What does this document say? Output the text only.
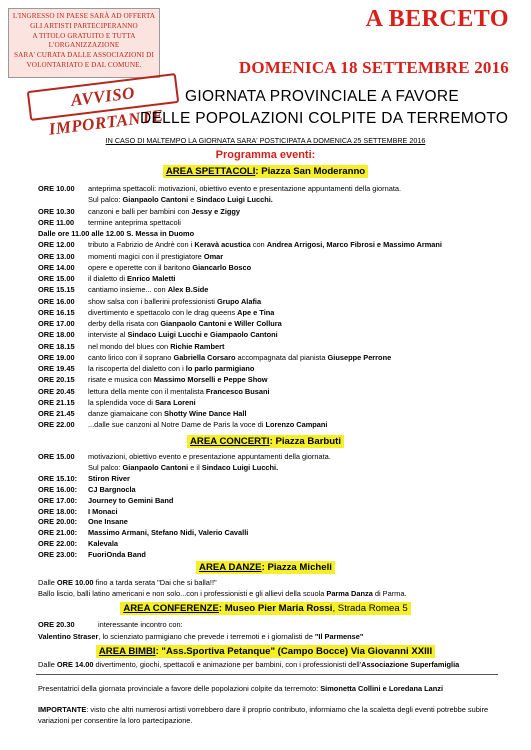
L'INGRESSO IN PAESE SARÀ AD OFFERTA
GLI ARTISTI PARTECIPERANNO
A TITOLO GRATUITO E TUTTA L'ORGANIZZAZIONE
SARA' CURATA DALLE ASSOCIAZIONI DI
VOLONTARIATO E DAL COMUNE.
A BERCETO
DOMENICA 18 SETTEMBRE 2016
AVVISO IMPORTANTE
GIORNATA PROVINCIALE A FAVORE
DELLE POPOLAZIONI COLPITE DA TERREMOTO
IN CASO DI MALTEMPO LA GIORNATA SARA' POSTICIPATA A DOMENICA 25 SETTEMBRE 2016
Programma eventi:
AREA SPETTACOLI: Piazza San Moderanno
ORE 10.00 anteprima spettacoli: motivazioni, obiettivo evento e presentazione appuntamenti della giornata.
Sul palco: Gianpaolo Cantoni e Sindaco Luigi Lucchi.
ORE 10.30 canzoni e balli per bambini con Jessy e Ziggy
ORE 11.00 termine anteprima spettacoli
Dalle ore 11.00 alle 12.00 S. Messa in Duomo
ORE 12.00 tributo a Fabrizio de Andrè con i Keravà acustica con Andrea Arrigosi, Marco Fibrosi e Massimo Armani
ORE 13.00 momenti magici con il prestigiatore Omar
ORE 14.00 opere e operette con il baritono Giancarlo Bosco
ORE 15.00 il dialetto di Enrico Maletti
ORE 15.15 cantiamo insieme... con Alex B.Side
ORE 16.00 show salsa con i ballerini professionisti Grupo Alafia
ORE 16.15 divertimento e spettacolo con le drag queens Ape e Tina
ORE 17.00 derby della risata con Gianpaolo Cantoni e Willer Collura
ORE 18.00 interviste al Sindaco Luigi Lucchi e Giampaolo Cantoni
ORE 18.15 nel mondo del blues con Richie Rambert
ORE 19.00 canto lirico con il soprano Gabriella Corsaro accompagnata dal pianista Giuseppe Perrone
ORE 19.45 la riscoperta del dialetto con i lo parlo parmigiano
ORE 20.15 risate e musica con Massimo Morselli e Peppe Show
ORE 20.45 lettura della mente con il mentalista Francesco Busani
ORE 21.15 la splendida voce di Sara Loreni
ORE 21.45 danze giamaicane con Shotty Wine Dance Hall
ORE 22.00 ...dalle sue canzoni al Notre Dame de Paris la voce di Lorenzo Campani
AREA CONCERTI: Piazza Barbuti
ORE 15.00 motivazioni, obiettivo evento e presentazione appuntamenti della giornata.
Sul palco: Gianpaolo Cantoni e il Sindaco Luigi Lucchi.
ORE 15.10: Stiron River
ORE 16.00: CJ Bargnocla
ORE 17.00: Journey to Gemini Band
ORE 18.00: I Monaci
ORE 20.00: One Insane
ORE 21.00: Massimo Armani, Stefano Nidi, Valerio Cavalli
ORE 22.00: Kalevala
ORE 23.00: FuoriOnda Band
AREA DANZE: Piazza Micheli
Dalle ORE 10.00 fino a tarda serata "Dai che si balla!!"
Ballo liscio, balli latino americani e non solo...con i professionisti e gli allievi della scuola Parma Danza di Parma.
AREA CONFERENZE: Museo Pier Maria Rossi, Strada Romea 5
ORE 20.30	interessante incontro con:
Valentino Straser, lo scienziato parmigiano che prevede i terremoti e i giornalisti de "Il Parmense"
AREA BIMBI: "Ass.Sportiva Petanque" (Campo Bocce) Via Giovanni XXIII
Dalle ORE 14.00 divertimento, giochi, spettacoli e animazione per bambini, con i professionisti dell'Associazione Superfamiglia
Presentatrici della giornata provinciale a favore delle popolazioni colpite da terremoto: Simonetta Collini e Loredana Lanzi
IMPORTANTE: visto che altri numerosi artisti vorrebbero dare il proprio contributo, informiamo che la scaletta degli eventi potrebbe subire variazioni per consentire la loro partecipazione.
